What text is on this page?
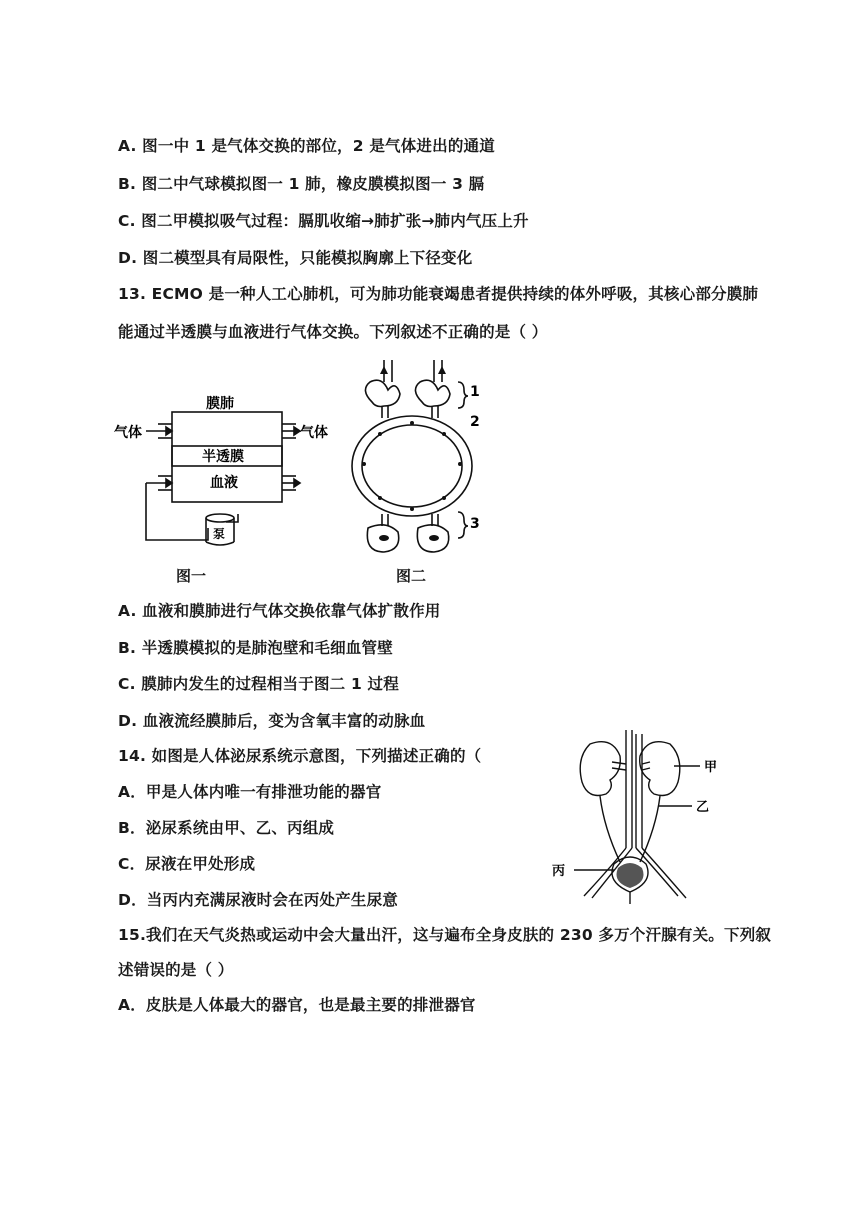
A. 图一中 1 是气体交换的部位，2 是气体进出的通道
B. 图二中气球模拟图一 1 肺，橡皮膜模拟图一 3 膈
C. 图二甲模拟吸气过程：膈肌收缩→肺扩张→肺内气压上升
D. 图二模型具有局限性，只能模拟胸廓上下径变化
13. ECMO 是一种人工心肺机，可为肺功能衰竭患者提供持续的体外呼吸，其核心部分膜肺
能通过半透膜与血液进行气体交换。下列叙述不正确的是（ ）
膜肺
气体	气体
半透膜
血液
泵
图一
1
2
3
图二
A. 血液和膜肺进行气体交换依靠气体扩散作用
B. 半透膜模拟的是肺泡壁和毛细血管壁
C. 膜肺内发生的过程相当于图二 1 过程
D. 血液流经膜肺后，变为含氧丰富的动脉血
14. 如图是人体泌尿系统示意图，下列描述正确的（
A．甲是人体内唯一有排泄功能的器官
B．泌尿系统由甲、乙、丙组成
C．尿液在甲处形成
D．当丙内充满尿液时会在丙处产生尿意
甲
乙
丙
15.我们在天气炎热或运动中会大量出汗，这与遍布全身皮肤的 230 多万个汗腺有关。下列叙
述错误的是（ ）
A．皮肤是人体最大的器官，也是最主要的排泄器官
